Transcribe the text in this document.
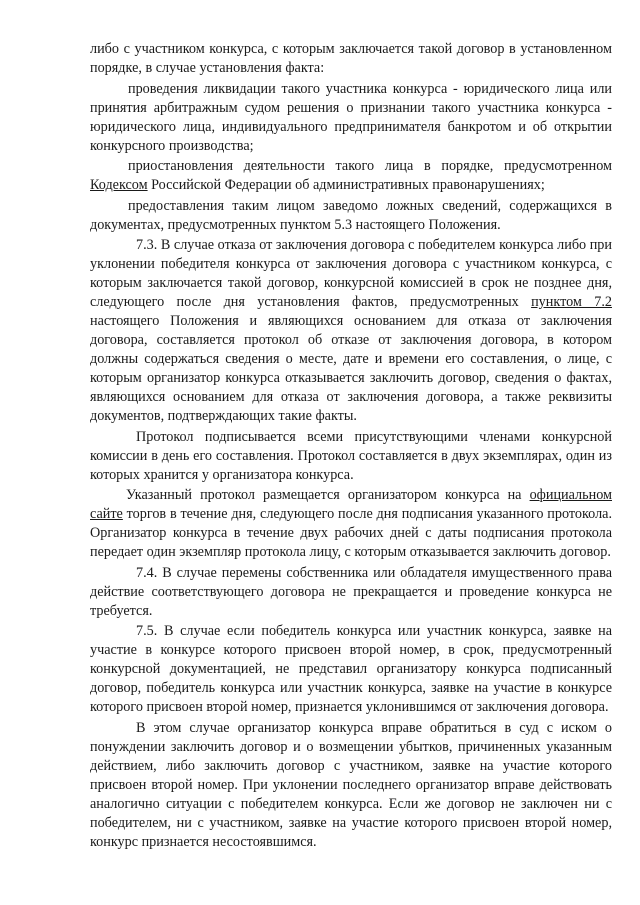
либо с участником конкурса, с которым заключается такой договор в установленном порядке, в случае установления факта:

проведения ликвидации такого участника конкурса - юридического лица или принятия арбитражным судом решения о признании такого участника конкурса - юридического лица, индивидуального предпринимателя банкротом и об открытии конкурсного производства;

приостановления деятельности такого лица в порядке, предусмотренном Кодексом Российской Федерации об административных правонарушениях;

предоставления таким лицом заведомо ложных сведений, содержащихся в документах, предусмотренных пунктом 5.3 настоящего Положения.

7.3. В случае отказа от заключения договора с победителем конкурса либо при уклонении победителя конкурса от заключения договора с участником конкурса, с которым заключается такой договор, конкурсной комиссией в срок не позднее дня, следующего после дня установления фактов, предусмотренных пунктом 7.2 настоящего Положения и являющихся основанием для отказа от заключения договора, составляется протокол об отказе от заключения договора, в котором должны содержаться сведения о месте, дате и времени его составления, о лице, с которым организатор конкурса отказывается заключить договор, сведения о фактах, являющихся основанием для отказа от заключения договора, а также реквизиты документов, подтверждающих такие факты.

Протокол подписывается всеми присутствующими членами конкурсной комиссии в день его составления. Протокол составляется в двух экземплярах, один из которых хранится у организатора конкурса.

Указанный протокол размещается организатором конкурса на официальном сайте торгов в течение дня, следующего после дня подписания указанного протокола. Организатор конкурса в течение двух рабочих дней с даты подписания протокола передает один экземпляр протокола лицу, с которым отказывается заключить договор.

7.4. В случае перемены собственника или обладателя имущественного права действие соответствующего договора не прекращается и проведение конкурса не требуется.

7.5. В случае если победитель конкурса или участник конкурса, заявке на участие в конкурсе которого присвоен второй номер, в срок, предусмотренный конкурсной документацией, не представил организатору конкурса подписанный договор, победитель конкурса или участник конкурса, заявке на участие в конкурсе которого присвоен второй номер, признается уклонившимся от заключения договора.

В этом случае организатор конкурса вправе обратиться в суд с иском о понуждении заключить договор и о возмещении убытков, причиненных указанным действием, либо заключить договор с участником, заявке на участие которого присвоен второй номер. При уклонении последнего организатор вправе действовать аналогично ситуации с победителем конкурса. Если же договор не заключен ни с победителем, ни с участником, заявке на участие которого присвоен второй номер, конкурс признается несостоявшимся.
